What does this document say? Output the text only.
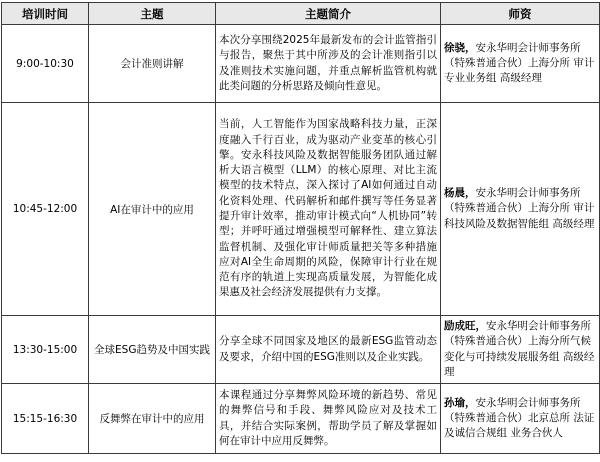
培训时间	主题	主题简介	师资
9:00-10:30	会计准则讲解	本次分享围绕2025年最新发布的会计监管指引与报告，聚焦于其中所涉及的会计准则指引以及准则技术实施问题，并重点解析监管机构就此类问题的分析思路及倾向性意见。	徐骁，安永华明会计师事务所（特殊普通合伙）上海分所 审计专业业务组 高级经理
10:45-12:00	AI在审计中的应用	当前，人工智能作为国家战略科技力量，正深度融入千行百业，成为驱动产业变革的核心引擎。安永科技风险及数据智能服务团队通过解析大语言模型（LLM）的核心原理、对比主流模型的技术特点，深入探讨了AI如何通过自动化资料处理、代码解析和邮件撰写等任务显著提升审计效率，推动审计模式向“人机协同”转型；并呼吁通过增强模型可解释性、建立算法监督机制、及强化审计师质量把关等多种措施应对AI全生命周期的风险，保障审计行业在规范有序的轨道上实现高质量发展，为智能化成果惠及社会经济发展提供有力支撑。	杨晨，安永华明会计师事务所（特殊普通合伙）上海分所 审计科技风险及数据智能组 高级经理
13:30-15:00	全球ESG趋势及中国实践	分享全球不同国家及地区的最新ESG监管动态及要求，介绍中国的ESG准则以及企业实践。	励成旺，安永华明会计师事务所（特殊普通合伙）上海分所气候变化与可持续发展服务组 高级经理
15:15-16:30	反舞弊在审计中的应用	本课程通过分享舞弊风险环境的新趋势、常见的舞弊信号和手段、舞弊风险应对及技术工具，并结合实际案例，帮助学员了解及掌握如何在审计中应用反舞弊。	孙瑜，安永华明会计师事务所（特殊普通合伙）北京总所 法证及诚信合规组 业务合伙人
